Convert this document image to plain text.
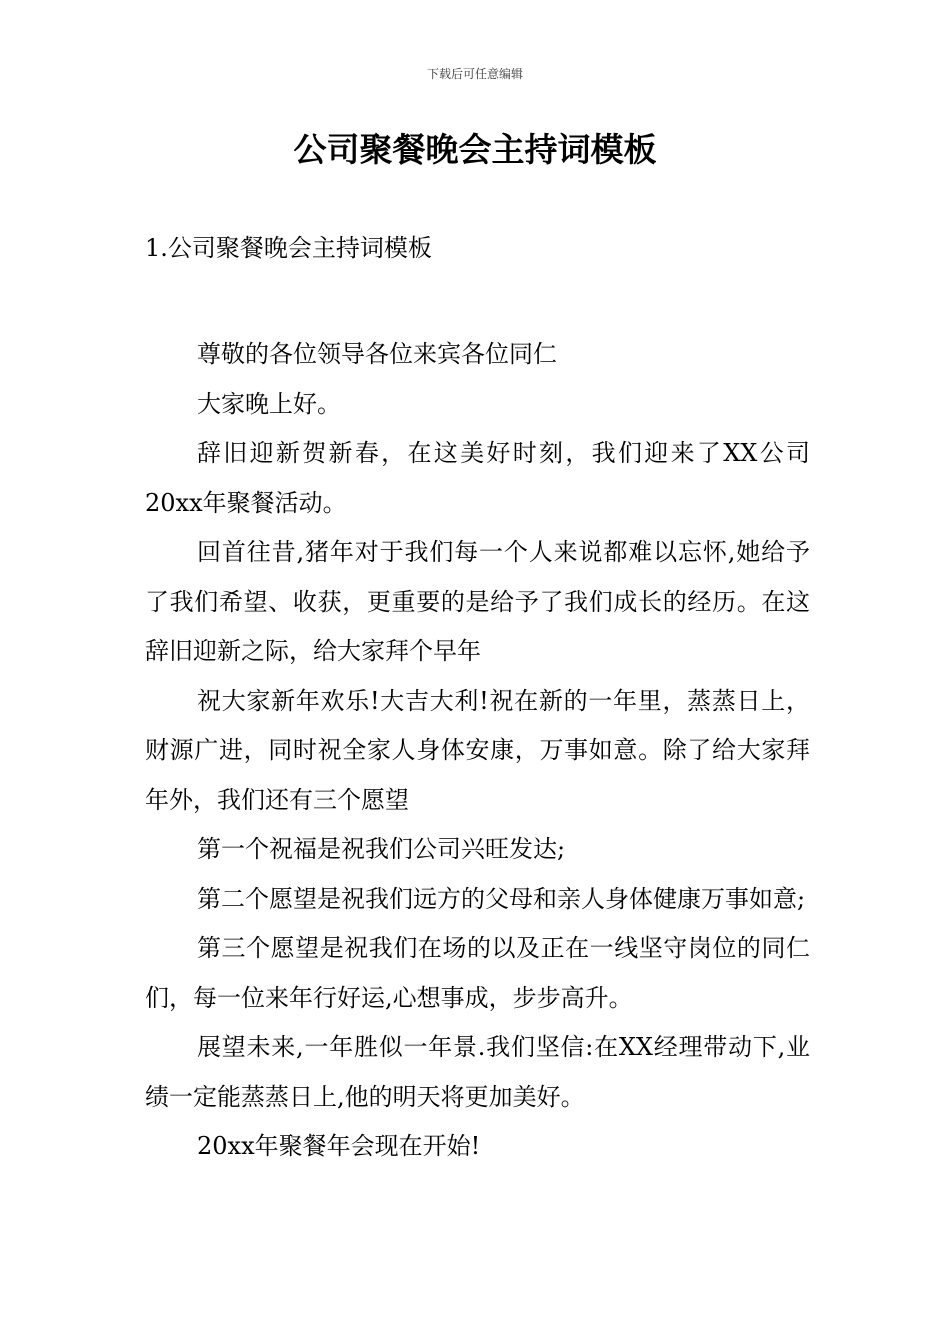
下载后可任意编辑
公司聚餐晚会主持词模板
1.公司聚餐晚会主持词模板

尊敬的各位领导各位来宾各位同仁

大家晚上好。

辞旧迎新贺新春，在这美好时刻，我们迎来了XX公司20xx年聚餐活动。

回首往昔,猪年对于我们每一个人来说都难以忘怀,她给予了我们希望、收获，更重要的是给予了我们成长的经历。在这辞旧迎新之际，给大家拜个早年

祝大家新年欢乐!大吉大利!祝在新的一年里，蒸蒸日上，财源广进，同时祝全家人身体安康，万事如意。除了给大家拜年外，我们还有三个愿望

第一个祝福是祝我们公司兴旺发达;

第二个愿望是祝我们远方的父母和亲人身体健康万事如意;

第三个愿望是祝我们在场的以及正在一线坚守岗位的同仁们，每一位来年行好运,心想事成，步步高升。

展望未来,一年胜似一年景.我们坚信:在XX经理带动下,业绩一定能蒸蒸日上,他的明天将更加美好。

20xx年聚餐年会现在开始!
